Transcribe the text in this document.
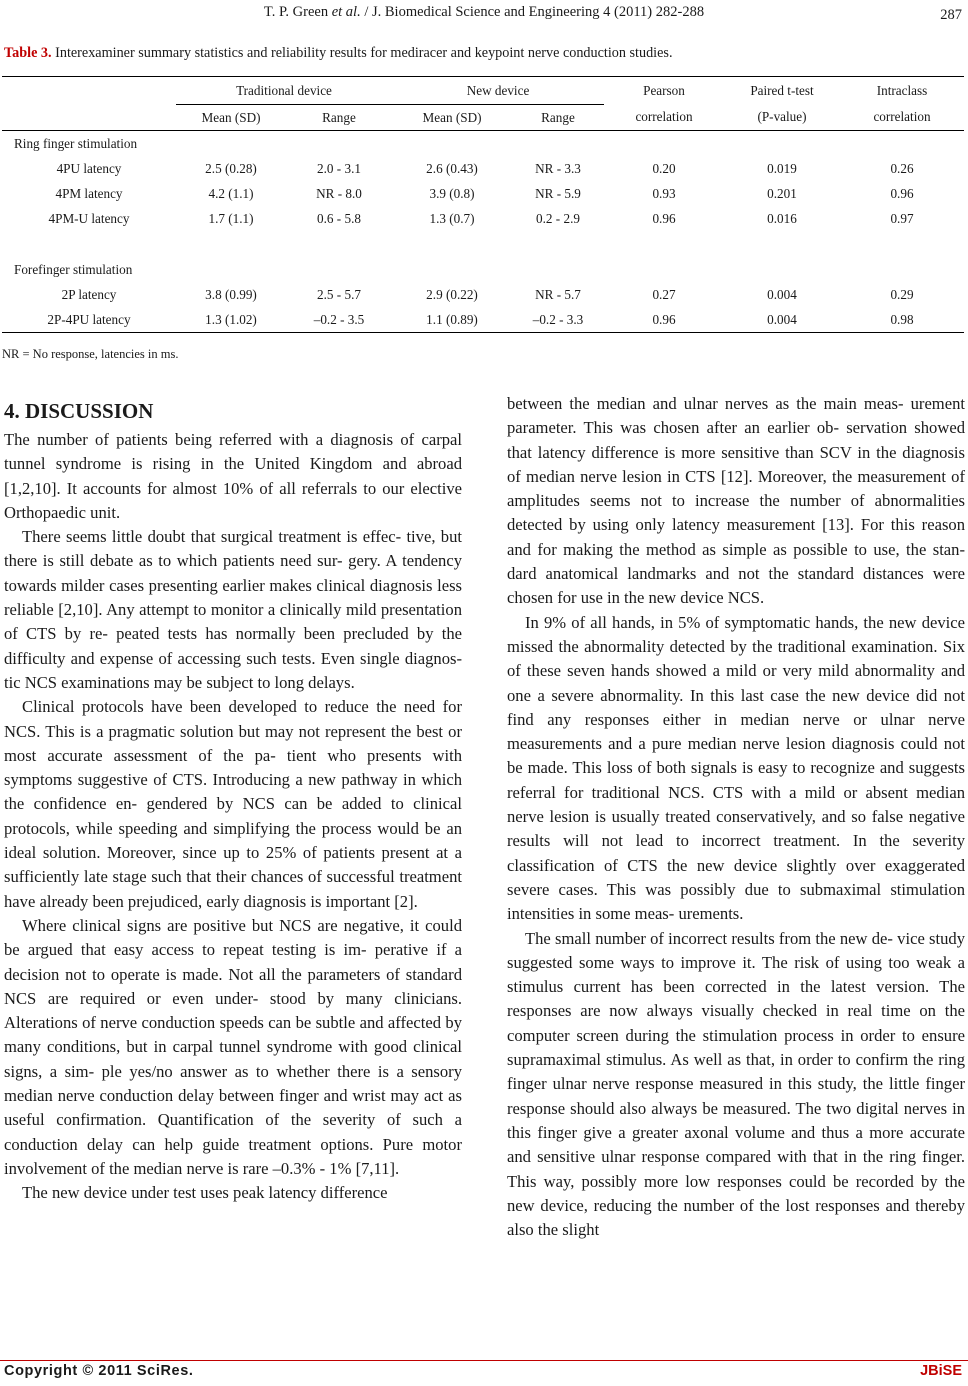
T. P. Green et al. / J. Biomedical Science and Engineering 4 (2011) 282-288	287
Table 3. Interexaminer summary statistics and reliability results for mediracer and keypoint nerve conduction studies.
	Traditional device		New device		Pearson	Paired t-test	Intraclass
	Mean (SD)	Range	Mean (SD)	Range	correlation	(P-value)	correlation
Ring finger stimulation							
4PU latency	2.5 (0.28)	2.0 - 3.1	2.6 (0.43)	NR - 3.3	0.20	0.019	0.26
4PM latency	4.2 (1.1)	NR - 8.0	3.9 (0.8)	NR - 5.9	0.93	0.201	0.96
4PM-U latency	1.7 (1.1)	0.6 - 5.8	1.3 (0.7)	0.2 - 2.9	0.96	0.016	0.97

Forefinger stimulation							
2P latency	3.8 (0.99)	2.5 - 5.7	2.9 (0.22)	NR - 5.7	0.27	0.004	0.29
2P-4PU latency	1.3 (1.02)	–0.2 - 3.5	1.1 (0.89)	–0.2 - 3.3	0.96	0.004	0.98
NR = No response, latencies in ms.
4. DISCUSSION

The number of patients being referred with a diagnosis of carpal tunnel syndrome is rising in the United Kingdom and abroad [1,2,10]. It accounts for almost 10% of all referrals to our elective Orthopaedic unit.

There seems little doubt that surgical treatment is effec- tive, but there is still debate as to which patients need sur- gery. A tendency towards milder cases presenting earlier makes clinical diagnosis less reliable [2,10]. Any attempt to monitor a clinically mild presentation of CTS by re- peated tests has normally been precluded by the difficulty and expense of accessing such tests. Even single diagnos- tic NCS examinations may be subject to long delays.

Clinical protocols have been developed to reduce the need for NCS. This is a pragmatic solution but may not represent the best or most accurate assessment of the pa- tient who presents with symptoms suggestive of CTS. Introducing a new pathway in which the confidence en- gendered by NCS can be added to clinical protocols, while speeding and simplifying the process would be an ideal solution. Moreover, since up to 25% of patients present at a sufficiently late stage such that their chances of successful treatment have already been prejudiced, early diagnosis is important [2].

Where clinical signs are positive but NCS are negative, it could be argued that easy access to repeat testing is im- perative if a decision not to operate is made. Not all the parameters of standard NCS are required or even under- stood by many clinicians. Alterations of nerve conduction speeds can be subtle and affected by many conditions, but in carpal tunnel syndrome with good clinical signs, a sim- ple yes/no answer as to whether there is a sensory median nerve conduction delay between finger and wrist may act as useful confirmation. Quantification of the severity of such a conduction delay can help guide treatment options. Pure motor involvement of the median nerve is rare –0.3% - 1% [7,11].

The new device under test uses peak latency difference

between the median and ulnar nerves as the main meas- urement parameter. This was chosen after an earlier ob- servation showed that latency difference is more sensitive than SCV in the diagnosis of median nerve lesion in CTS [12]. Moreover, the measurement of amplitudes seems not to increase the number of abnormalities detected by using only latency measurement [13]. For this reason and for making the method as simple as possible to use, the stan- dard anatomical landmarks and not the standard distances were chosen for use in the new device NCS.

In 9% of all hands, in 5% of symptomatic hands, the new device missed the abnormality detected by the traditional examination. Six of these seven hands showed a mild or very mild abnormality and one a severe abnormality. In this last case the new device did not find any responses either in median nerve or ulnar nerve measurements and a pure median nerve lesion diagnosis could not be made. This loss of both signals is easy to recognize and suggests referral for traditional NCS. CTS with a mild or absent median nerve lesion is usually treated conservatively, and so false negative results will not lead to incorrect treatment. In the severity classification of CTS the new device slightly over exaggerated severe cases. This was possibly due to submaximal stimulation intensities in some meas- urements.

The small number of incorrect results from the new de- vice study suggested some ways to improve it. The risk of using too weak a stimulus current has been corrected in the latest version. The responses are now always visually checked in real time on the computer screen during the stimulation process in order to ensure supramaximal stimulus. As well as that, in order to confirm the ring finger ulnar nerve response measured in this study, the little finger response should also always be measured. The two digital nerves in this finger give a greater axonal volume and thus a more accurate and sensitive ulnar response compared with that in the ring finger. This way, possibly more low responses could be recorded by the new device, reducing the number of the lost responses and thereby also the slight

Copyright © 2011 SciRes.	JBiSE
